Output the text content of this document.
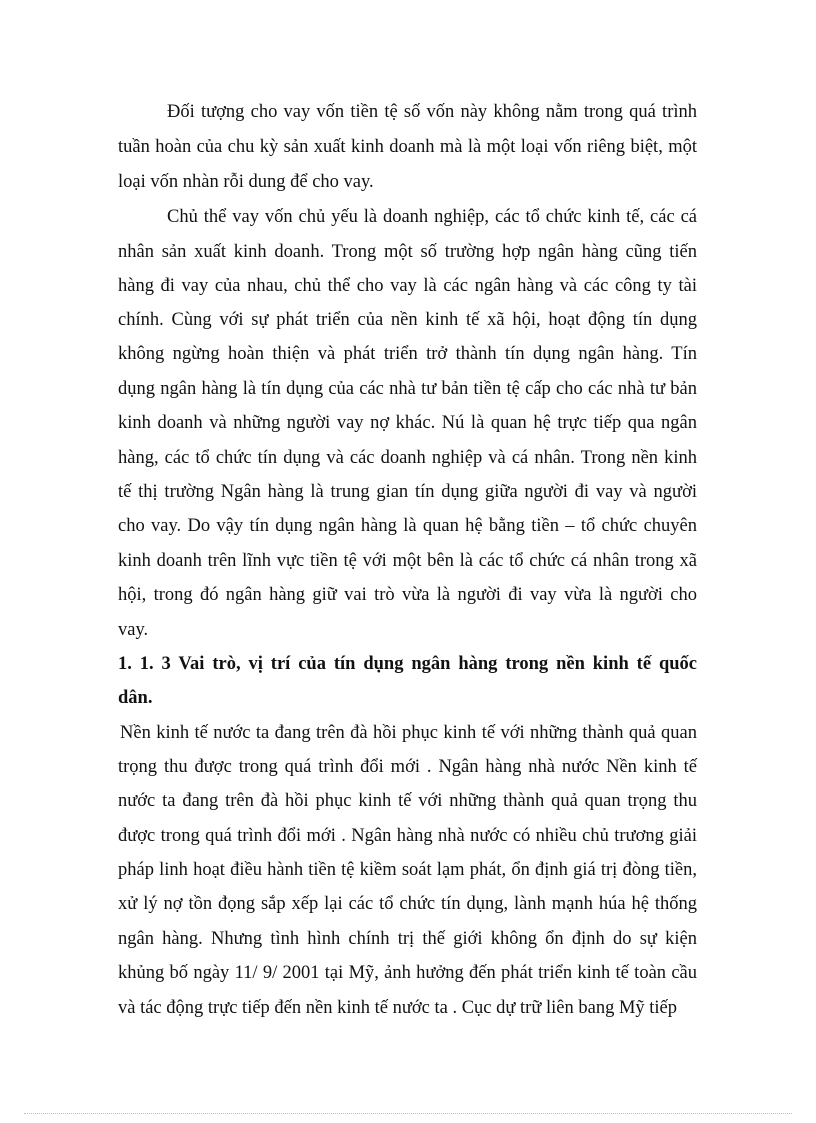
Đối tượng cho vay vốn tiền tệ số vốn này không nằm trong quá trình
tuần hoàn của chu kỳ sản xuất kinh doanh mà là một loại vốn riêng biệt, một
loại vốn nhàn rỗi dung để cho vay.
Chủ thể vay vốn chủ yếu là doanh nghiệp, các tổ chức kinh tế, các cá
nhân sản xuất kinh doanh. Trong một số trường hợp ngân hàng cũng tiến
hàng đi vay của nhau, chủ thể cho vay là các ngân hàng và các công ty tài
chính. Cùng với sự phát triển của nền kinh tế xã hội, hoạt động tín dụng
không ngừng hoàn thiện và phát triển trở thành tín dụng ngân hàng. Tín
dụng ngân hàng là tín dụng của các nhà tư bản tiền tệ cấp cho các nhà tư bản
kinh doanh và những người vay nợ khác. Nú là quan hệ trực tiếp qua ngân
hàng, các tổ chức tín dụng và các doanh nghiệp và cá nhân. Trong nền kinh
tế thị trường Ngân hàng là trung gian tín dụng giữa người đi vay và người
cho vay. Do vậy tín dụng ngân hàng là quan hệ bằng tiền – tổ chức chuyên
kinh doanh trên lĩnh vực tiền tệ với một bên là các tổ chức cá nhân trong xã
hội, trong đó ngân hàng giữ vai trò vừa là người đi vay vừa là người cho
vay.
1. 1. 3 Vai trò, vị trí của tín dụng ngân hàng trong nền kinh tế quốc
dân.
Nền kinh tế nước ta đang trên đà hồi phục kinh tế với những thành quả quan
trọng thu được trong quá trình đổi mới . Ngân hàng nhà nước Nền kinh tế
nước ta đang trên đà hồi phục kinh tế với những thành quả quan trọng thu
được trong quá trình đổi mới . Ngân hàng nhà nước có nhiều chủ trương giải
pháp linh hoạt điều hành tiền tệ kiềm soát lạm phát, ổn định giá trị đòng tiền,
xử lý nợ tồn đọng sắp xếp lại các tổ chức tín dụng, lành mạnh húa hệ thống
ngân hàng. Nhưng tình hình chính trị thế giới không ổn định do sự kiện
khủng bố ngày 11/ 9/ 2001 tại Mỹ, ảnh hưởng đến phát triển kinh tế toàn cầu
và tác động trực tiếp đến nền kinh tế nước ta . Cục dự trữ liên bang Mỹ tiếp
